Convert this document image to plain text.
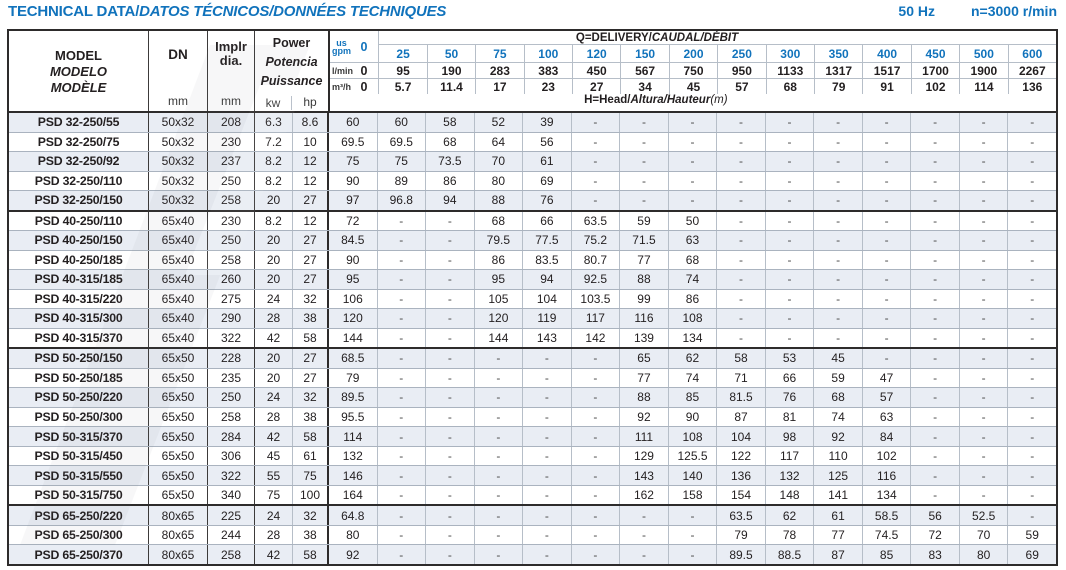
TECHNICAL DATA/DATOS TÉCNICOS/DONNÉES TECHNIQUES	50 Hz	n=3000 r/min
MODEL
MODELO
MODÈLE
DN
mm
Implr
dia.
mm
Power
Potencia
Puissance
kw	hp
Q=DELIVERY/ CAUDAL/DÉBIT
us
gpm 0	25	50	75	100	120	150	200	250	300	350	400	450	500	600
l/min 0	95	190	283	383	450	567	750	950	1133	1317	1517	1700	1900	2267
m³/h 0	5.7	11.4	17	23	27	34	45	57	68	79	91	102	114	136
H=Head/ Altura/Hauteur (m)
PSD 32-250/55	50x32	208	6.3	8.6	60	60	58	52	39	-	-	-	-	-	-	-	-	-	-
PSD 32-250/75	50x32	230	7.2	10	69.5	69.5	68	64	56	-	-	-	-	-	-	-	-	-	-
PSD 32-250/92	50x32	237	8.2	12	75	75	73.5	70	61	-	-	-	-	-	-	-	-	-	-
PSD 32-250/110	50x32	250	8.2	12	90	89	86	80	69	-	-	-	-	-	-	-	-	-	-
PSD 32-250/150	50x32	258	20	27	97	96.8	94	88	76	-	-	-	-	-	-	-	-	-	-
PSD 40-250/110	65x40	230	8.2	12	72	-	-	68	66	63.5	59	50	-	-	-	-	-	-	-
PSD 40-250/150	65x40	250	20	27	84.5	-	-	79.5	77.5	75.2	71.5	63	-	-	-	-	-	-	-
PSD 40-250/185	65x40	258	20	27	90	-	-	86	83.5	80.7	77	68	-	-	-	-	-	-	-
PSD 40-315/185	65x40	260	20	27	95	-	-	95	94	92.5	88	74	-	-	-	-	-	-	-
PSD 40-315/220	65x40	275	24	32	106	-	-	105	104	103.5	99	86	-	-	-	-	-	-	-
PSD 40-315/300	65x40	290	28	38	120	-	-	120	119	117	116	108	-	-	-	-	-	-	-
PSD 40-315/370	65x40	322	42	58	144	-	-	144	143	142	139	134	-	-	-	-	-	-	-
PSD 50-250/150	65x50	228	20	27	68.5	-	-	-	-	-	65	62	58	53	45	-	-	-	-
PSD 50-250/185	65x50	235	20	27	79	-	-	-	-	-	77	74	71	66	59	47	-	-	-
PSD 50-250/220	65x50	250	24	32	89.5	-	-	-	-	-	88	85	81.5	76	68	57	-	-	-
PSD 50-250/300	65x50	258	28	38	95.5	-	-	-	-	-	92	90	87	81	74	63	-	-	-
PSD 50-315/370	65x50	284	42	58	114	-	-	-	-	-	111	108	104	98	92	84	-	-	-
PSD 50-315/450	65x50	306	45	61	132	-	-	-	-	-	129	125.5	122	117	110	102	-	-	-
PSD 50-315/550	65x50	322	55	75	146	-	-	-	-	-	143	140	136	132	125	116	-	-	-
PSD 50-315/750	65x50	340	75	100	164	-	-	-	-	-	162	158	154	148	141	134	-	-	-
PSD 65-250/220	80x65	225	24	32	64.8	-	-	-	-	-	-	-	63.5	62	61	58.5	56	52.5	-
PSD 65-250/300	80x65	244	28	38	80	-	-	-	-	-	-	-	79	78	77	74.5	72	70	59
PSD 65-250/370	80x65	258	42	58	92	-	-	-	-	-	-	-	89.5	88.5	87	85	83	80	69
